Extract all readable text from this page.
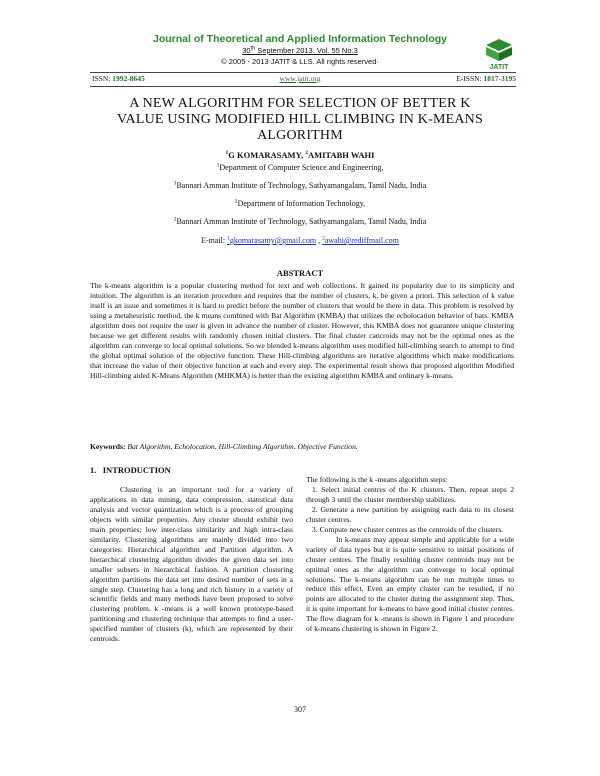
Journal of Theoretical and Applied Information Technology
30th September 2013. Vol. 55 No.3
© 2005 - 2013 JATIT & LLS. All rights reserved·
JATIT
ISSN: 1992-8645	www.jatit.org	E-ISSN: 1817-3195
A NEW ALGORITHM FOR SELECTION OF BETTER K
VALUE USING MODIFIED HILL CLIMBING IN K-MEANS
ALGORITHM
$^1$G KOMARASAMY, $^2$AMITABH WAHI
$^1$Department of Computer Science and Engineering,
$^1$Bannari Amman Institute of Technology, Sathyamangalam, Tamil Nadu, India
$^2$Department of Information Technology,
$^2$Bannari Amman Institute of Technology, Sathyamangalam, Tamil Nadu, India
E-mail: $^1$gkomarasamy@gmail.com , $^2$awahi@rediffmail.com
ABSTRACT
The k-means algorithm is a popular clustering method for text and web collections. It gained its popularity due to its simplicity and intuition. The algorithm is an iteration procedure and requires that the number of clusters, k, be given a priori. This selection of k value itself is an issue and sometimes it is hard to predict before the number of clusters that would be there in data. This problem is resolved by using a metaheuristic method, the k means combined with Bat Algorithm (KMBA) that utilizes the echolocation behavior of bats. KMBA algorithm does not require the user is given in advance the number of cluster. However, this KMBA does not guarantee unique clustering because we get different results with randomly chosen initial clusters. The final cluster cancroids may not be the optimal ones as the algorithm can converge to local optimal solutions. So we blended k-means algorithm uses modified hill-climbing search to attempt to find the global optimal solution of the objective function. These Hill-climbing algorithms are iterative algorithms which make modifications that increase the value of their objective function at each and every step. The experimental result shows that proposed algorithm Modified Hill-climbing aided K-Means Algorithm (MHKMA) is better than the existing algorithm KMBA and ordinary k-means.
Keywords: Bat Algorithm, Echolocation, Hill-Climbing Algorithm, Objective Function.
1. INTRODUCTION

Clustering is an important tool for a variety of applications in data mining, data compression, statistical data analysis and vector quantization which is a process of grouping objects with similar properties. Any cluster should exhibit two main properties; low inter-class similarity and high intra-class similarity. Clustering algorithms are mainly divided into two categories: Hierarchical algorithm and Partition algorithm. A hierarchical clustering algorithm divides the given data set into smaller subsets in hierarchical fashion. A partition clustering algorithm partitions the data set into desired number of sets in a single step. Clustering has a long and rich history in a variety of scientific fields and many methods have been proposed to solve clustering problem. k -means is a well known prototype-based partitioning and clustering technique that attempts to find a user-specified number of clusters (k), which are represented by their centroids.

The following is the k -means algorithm steps:

1. Select initial centres of the K clusters. Then, repeat steps 2 through 3 until the cluster membership stabilizes.

2. Generate a new partition by assigning each data to its closest cluster centres.

3. Compute new cluster centres as the centroids of the clusters.

In k-means may appear simple and applicable for a wide variety of data types but it is quite sensitive to initial positions of cluster centres. The finally resulting cluster centroids may not be optimal ones as the algorithm can converge to local optimal solutions. The k-means algorithm can be run multiple times to reduce this effect. Even an empty cluster can be resulted, if no points are allocated to the cluster during the assignment step. Thus, it is quite important for k-means to have good initial cluster centres. The flow diagram for k -means is shown in Figure 1 and procedure of k-means clustering is shown in Figure 2.

307
